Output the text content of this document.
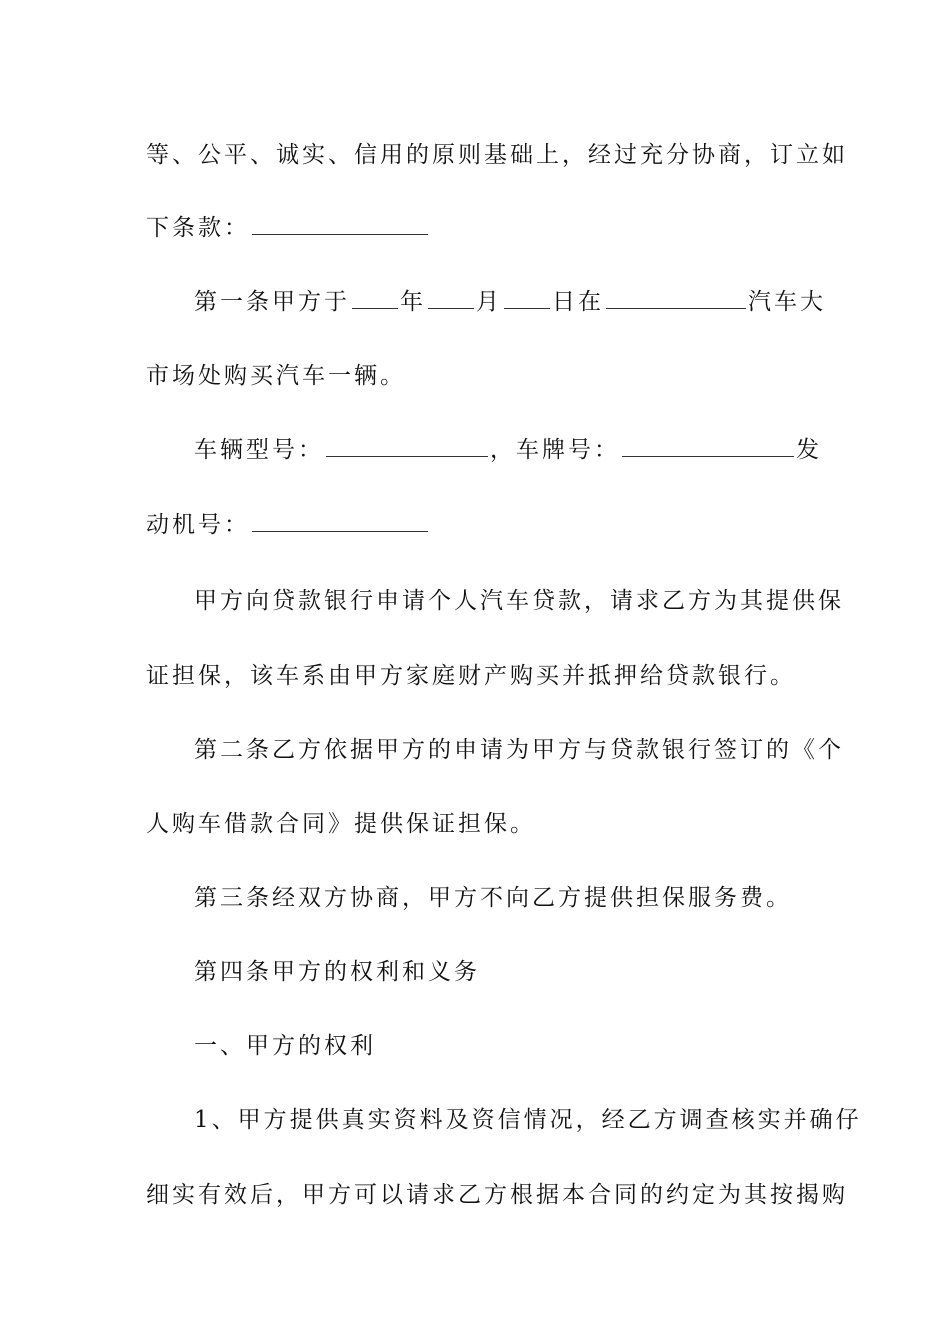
等、公平、诚实、信用的原则基础上，经过充分协商，订立如
下条款：
第一条甲方于 年 月 日在	汽车大
市场处购买汽车一辆。
车辆型号：	，车牌号：	发
动机号：
甲方向贷款银行申请个人汽车贷款，请求乙方为其提供保
证担保，该车系由甲方家庭财产购买并抵押给贷款银行。
第二条乙方依据甲方的申请为甲方与贷款银行签订的《个
人购车借款合同》提供保证担保。
第三条经双方协商，甲方不向乙方提供担保服务费。
第四条甲方的权利和义务
一、甲方的权利
1、甲方提供真实资料及资信情况，经乙方调查核实并确仔
细实有效后，甲方可以请求乙方根据本合同的约定为其按揭购
